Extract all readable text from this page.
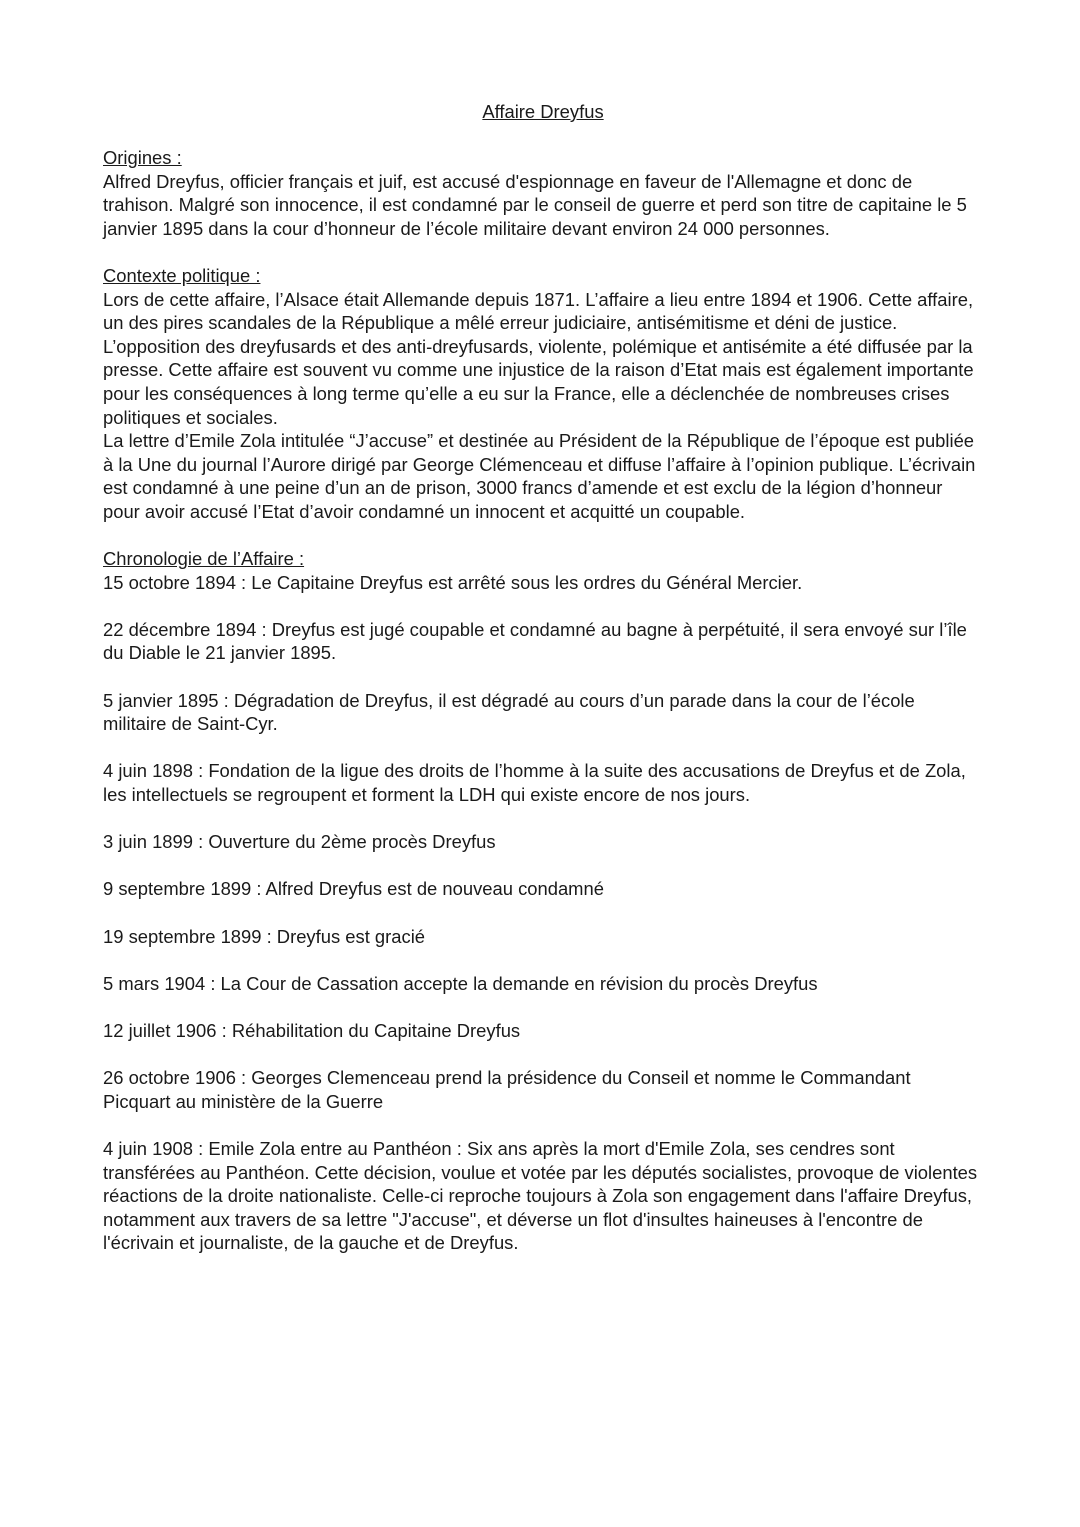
Affaire Dreyfus

Origines :

Alfred Dreyfus, officier français et juif, est accusé d'espionnage en faveur de l'Allemagne et donc de trahison. Malgré son innocence, il est condamné par le conseil de guerre et perd son titre de capitaine le 5 janvier 1895 dans la cour d’honneur de l’école militaire devant environ 24 000 personnes.

Contexte politique :

Lors de cette affaire, l’Alsace était Allemande depuis 1871. L’affaire a lieu entre 1894 et 1906. Cette affaire, un des pires scandales de la République a mêlé erreur judiciaire, antisémitisme et déni de justice. L’opposition des dreyfusards et des anti-dreyfusards, violente, polémique et antisémite a été diffusée par la presse. Cette affaire est souvent vu comme une injustice de la raison d’Etat mais est également importante pour les conséquences à long terme qu’elle a eu sur la France, elle a déclenchée de nombreuses crises politiques et sociales.

La lettre d’Emile Zola intitulée “J’accuse” et destinée au Président de la République de l’époque est publiée à la Une du journal l’Aurore dirigé par George Clémenceau et diffuse l’affaire à l’opinion publique. L’écrivain est condamné à une peine d’un an de prison, 3000 francs d’amende et est exclu de la légion d’honneur pour avoir accusé l’Etat d’avoir condamné un innocent et acquitté un coupable.

Chronologie de l’Affaire :

15 octobre 1894 : Le Capitaine Dreyfus est arrêté sous les ordres du Général Mercier.

22 décembre 1894 : Dreyfus est jugé coupable et condamné au bagne à perpétuité, il sera envoyé sur l’île du Diable le 21 janvier 1895.

5 janvier 1895 : Dégradation de Dreyfus, il est dégradé au cours d’un parade dans la cour de l’école militaire de Saint-Cyr.

4 juin 1898 : Fondation de la ligue des droits de l’homme à la suite des accusations de Dreyfus et de Zola, les intellectuels se regroupent et forment la LDH qui existe encore de nos jours.

3 juin 1899 : Ouverture du 2ème procès Dreyfus

9 septembre 1899 : Alfred Dreyfus est de nouveau condamné

19 septembre 1899 : Dreyfus est gracié

5 mars 1904 : La Cour de Cassation accepte la demande en révision du procès Dreyfus

12 juillet 1906 : Réhabilitation du Capitaine Dreyfus

26 octobre 1906 : Georges Clemenceau prend la présidence du Conseil et nomme le Commandant Picquart au ministère de la Guerre

4 juin 1908 : Emile Zola entre au Panthéon : Six ans après la mort d'Emile Zola, ses cendres sont transférées au Panthéon. Cette décision, voulue et votée par les députés socialistes, provoque de violentes réactions de la droite nationaliste. Celle-ci reproche toujours à Zola son engagement dans l'affaire Dreyfus, notamment aux travers de sa lettre "J'accuse", et déverse un flot d'insultes haineuses à l'encontre de l'écrivain et journaliste, de la gauche et de Dreyfus.
